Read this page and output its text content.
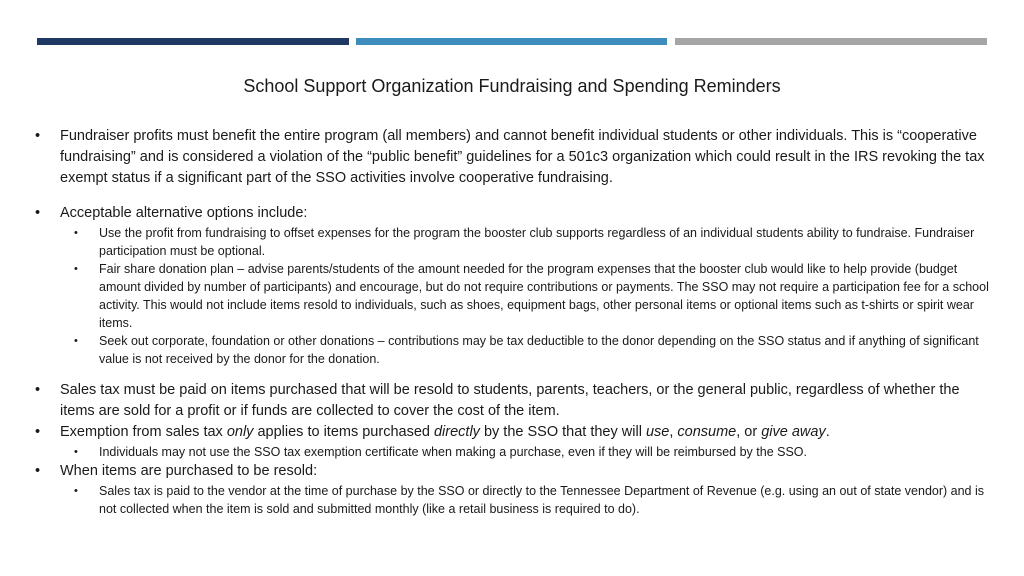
School Support Organization Fundraising and Spending Reminders

• Fundraiser profits must benefit the entire program (all members) and cannot benefit individual students or other individuals. This is “cooperative fundraising” and is considered a violation of the “public benefit” guidelines for a 501c3 organization which could result in the IRS revoking the tax exempt status if a significant part of the SSO activities involve cooperative fundraising.

• Acceptable alternative options include:

• Use the profit from fundraising to offset expenses for the program the booster club supports regardless of an individual students ability to fundraise. Fundraiser participation must be optional.

• Fair share donation plan – advise parents/students of the amount needed for the program expenses that the booster club would like to help provide (budget amount divided by number of participants) and encourage, but do not require contributions or payments. The SSO may not require a participation fee for a school activity. This would not include items resold to individuals, such as shoes, equipment bags, other personal items or optional items such as t-shirts or spirit wear items.

• Seek out corporate, foundation or other donations – contributions may be tax deductible to the donor depending on the SSO status and if anything of significant value is not received by the donor for the donation.

• Sales tax must be paid on items purchased that will be resold to students, parents, teachers, or the general public, regardless of whether the items are sold for a profit or if funds are collected to cover the cost of the item.

• Exemption from sales tax only applies to items purchased directly by the SSO that they will use, consume, or give away.

• Individuals may not use the SSO tax exemption certificate when making a purchase, even if they will be reimbursed by the SSO.

• When items are purchased to be resold:

• Sales tax is paid to the vendor at the time of purchase by the SSO or directly to the Tennessee Department of Revenue (e.g. using an out of state vendor) and is not collected when the item is sold and submitted monthly (like a retail business is required to do).
